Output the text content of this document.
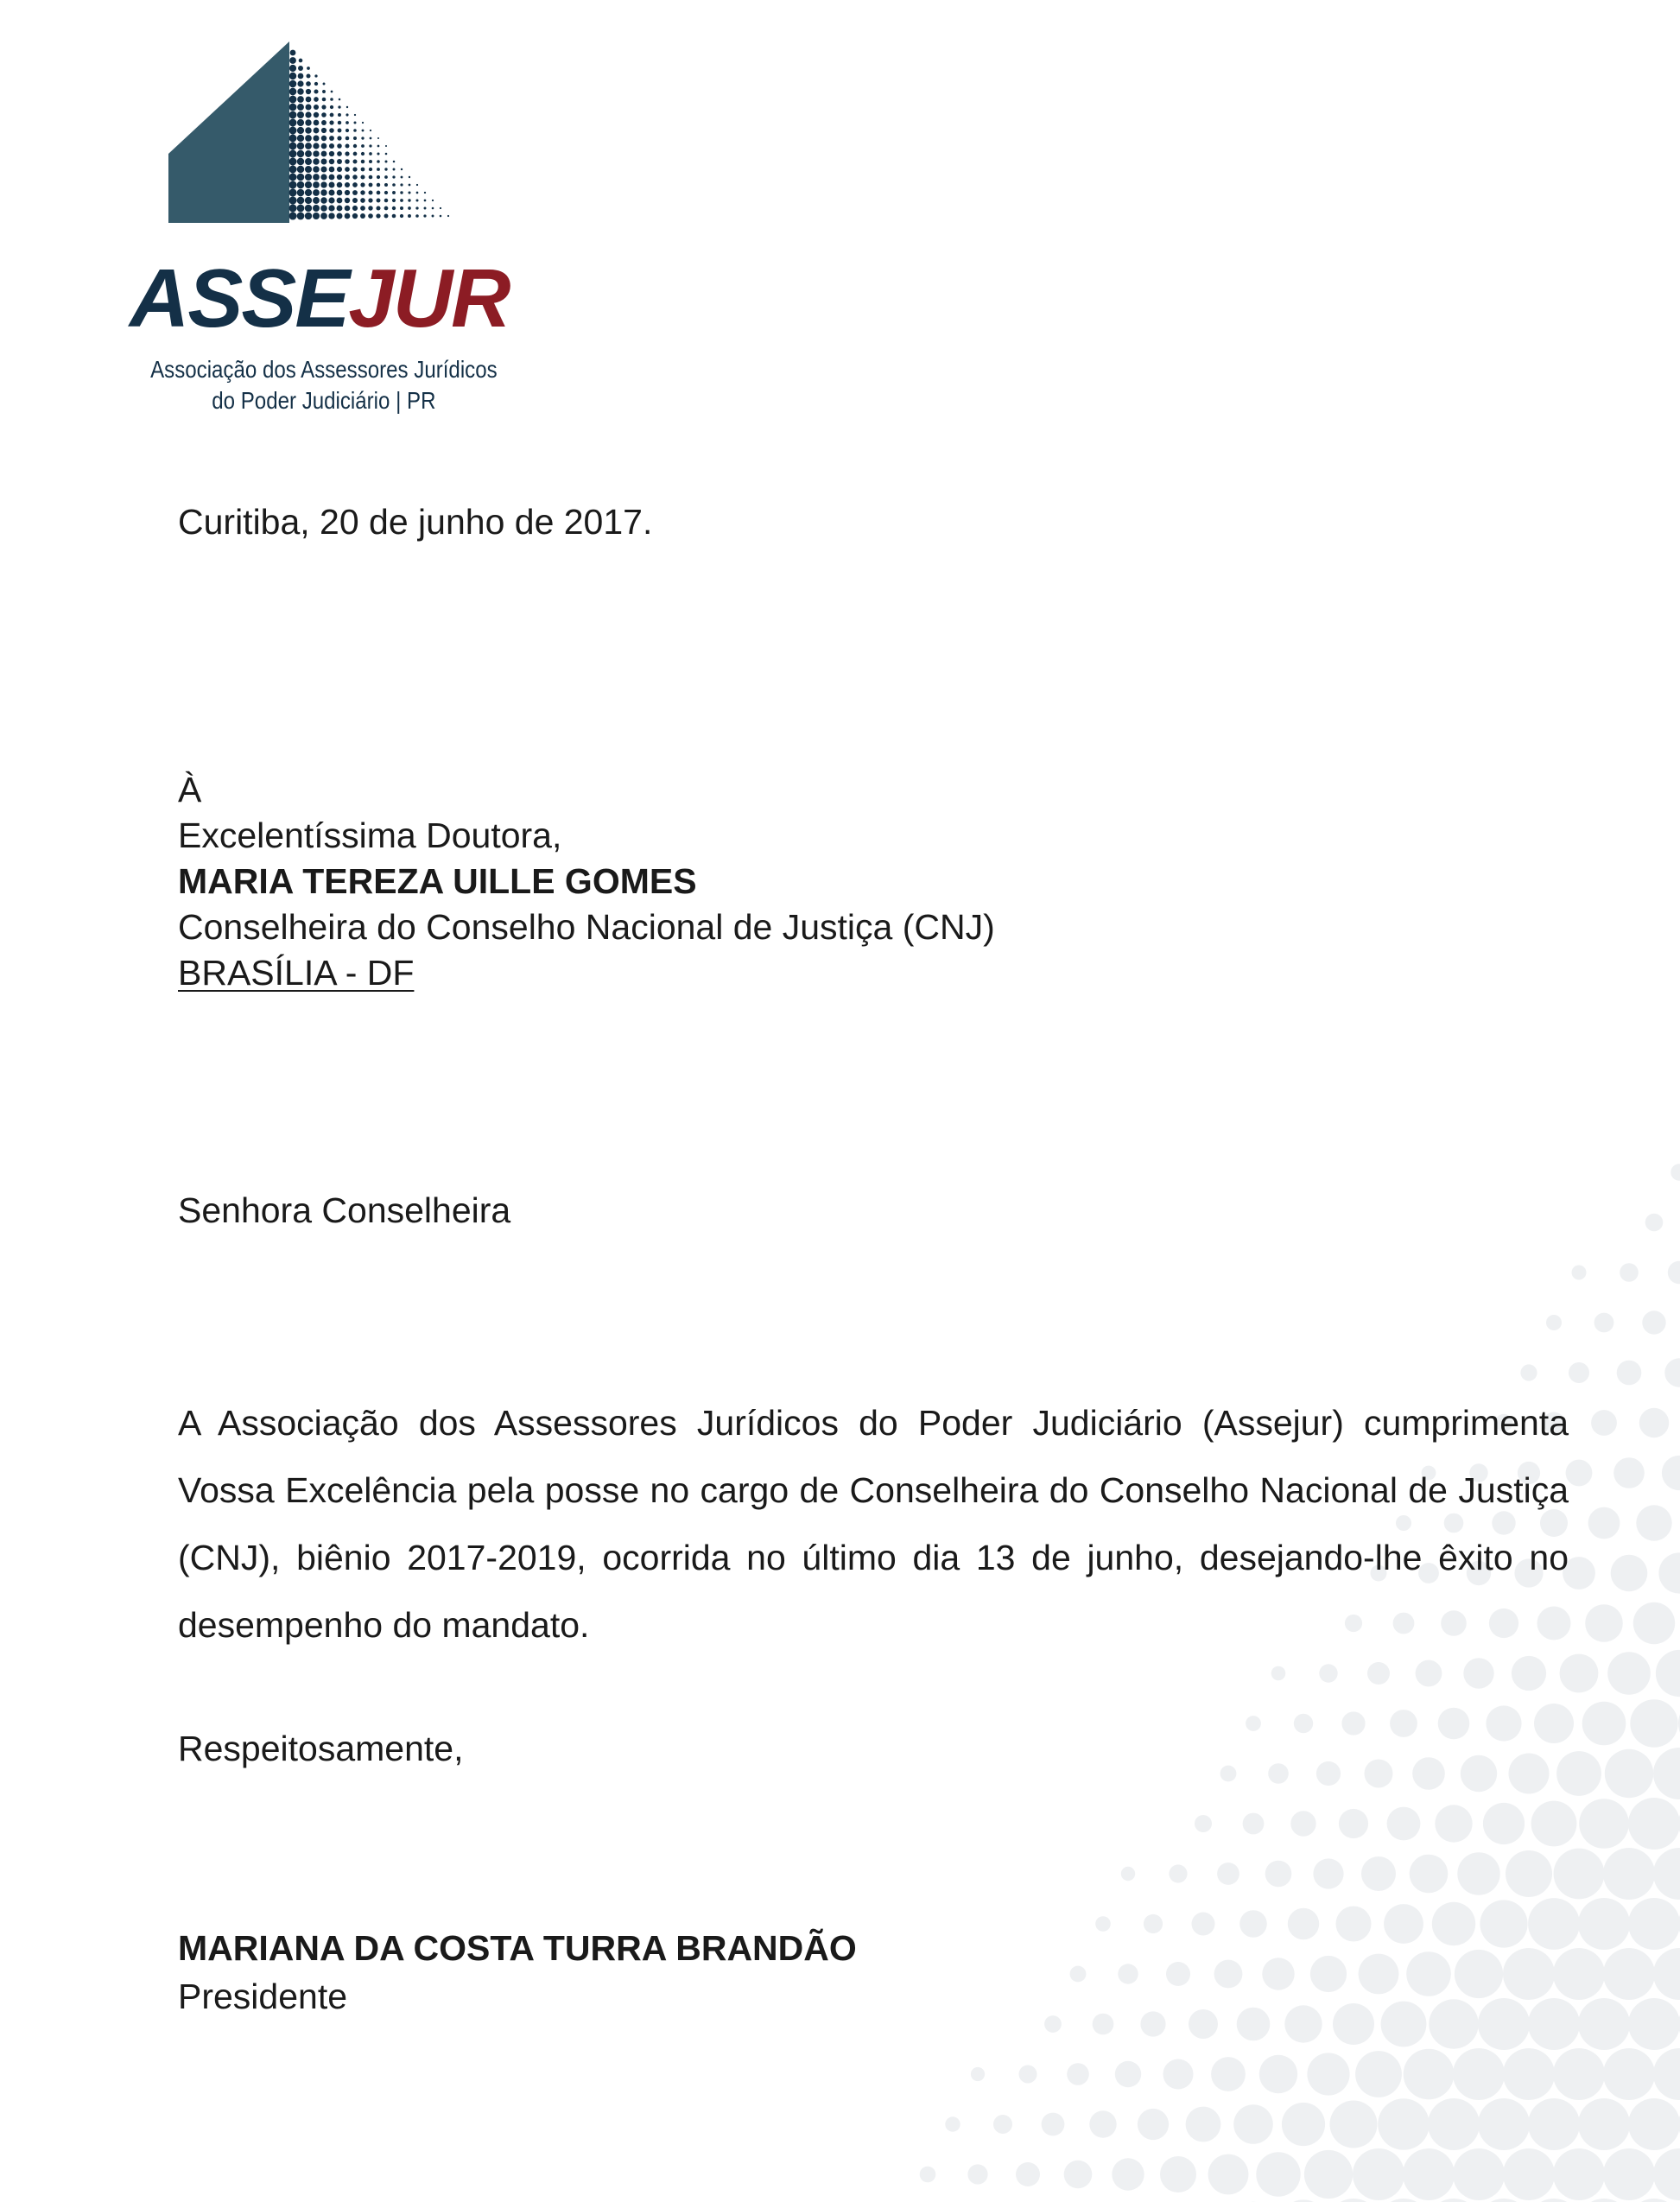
ASSEJUR
Associação dos Assessores Jurídicos
do Poder Judiciário | PR
Curitiba, 20 de junho de 2017.
À
Excelentíssima Doutora,
MARIA TEREZA UILLE GOMES
Conselheira do Conselho Nacional de Justiça (CNJ)
BRASÍLIA - DF
Senhora Conselheira
A Associação dos Assessores Jurídicos do Poder Judiciário (Assejur) cumprimenta Vossa Excelência pela posse no cargo de Conselheira do Conselho Nacional de Justiça (CNJ), biênio 2017-2019, ocorrida no último dia 13 de junho, desejando-lhe êxito no desempenho do mandato.
Respeitosamente,
MARIANA DA COSTA TURRA BRANDÃO
Presidente
